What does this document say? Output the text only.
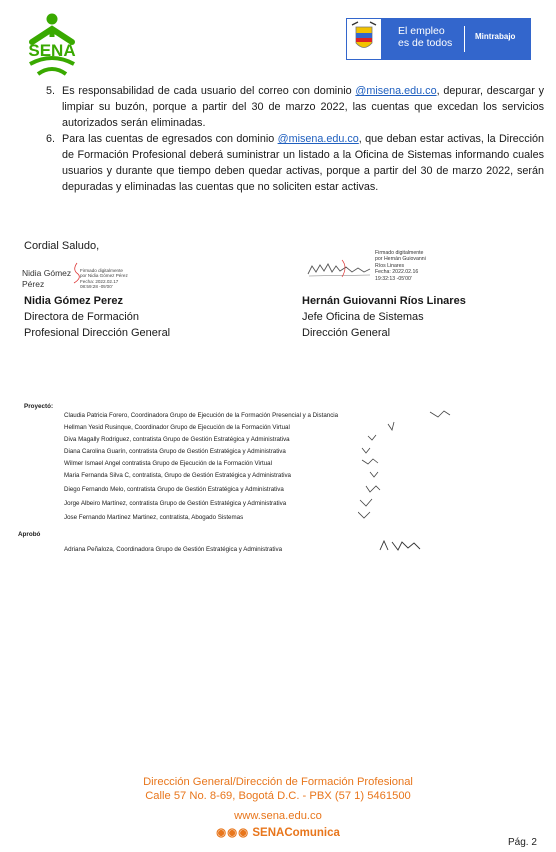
SENA
El empleo
es de todos
Mintrabajo
5. Es responsabilidad de cada usuario del correo con dominio @misena.edu.co, depurar, descargar y limpiar su buzón, porque a partir del 30 de marzo 2022, las cuentas que excedan los servicios autorizados serán eliminadas.
6. Para las cuentas de egresados con dominio @misena.edu.co, que deban estar activas, la Dirección de Formación Profesional deberá suministrar un listado a la Oficina de Sistemas informando cuales usuarios y durante que tiempo deben quedar activas, porque a partir del 30 de marzo 2022, serán depuradas y eliminadas las cuentas que no soliciten estar activas.
Cordial Saludo,
Nidia Gómez
Pérez
Firmado digitalmente
por Nidia Gómez Pérez
Fecha: 2022.02.17
08:59:28 -05'00'
Nidia Gómez Perez
Directora de Formación
Profesional Dirección General
Firmado digitalmente
por Hernán Guiovanni
Ríos Linares
Fecha: 2022.02.16
19:32:13 -05'00'
Hernán Guiovanni Ríos Linares
Jefe Oficina de Sistemas
Dirección General
Proyectó:
Claudia Patricia Forero, Coordinadora Grupo de Ejecución de la Formación Presencial y a Distancia
Hellman Yesid Rusinque, Coordinador Grupo de Ejecución de la Formación Virtual
Diva Magally Rodriguez, contratista Grupo de Gestión Estratégica y Administrativa
Diana Carolina Guarín, contratista Grupo de Gestión Estratégica y Administrativa
Wilmer Ismael Angel contratista Grupo de Ejecución de la Formación Virtual
Maria Fernanda Silva C, contratista, Grupo de Gestión Estratégica y Administrativa
Diego Fernando Melo, contratista Grupo de Gestión Estratégica y Administrativa
Jorge Albeiro Martínez, contratista Grupo de Gestión Estratégica y Administrativa
Jose Fernando Martinez Martinez, contratista, Abogado Sistemas
Aprobó
Adriana Peñaloza, Coordinadora Grupo de Gestión Estratégica y Administrativa
Dirección General/Dirección de Formación Profesional
Calle 57 No. 8-69, Bogotá D.C. - PBX (57 1) 5461500
www.sena.edu.co
◉◉◉ SENAComunica
Pág. 2
